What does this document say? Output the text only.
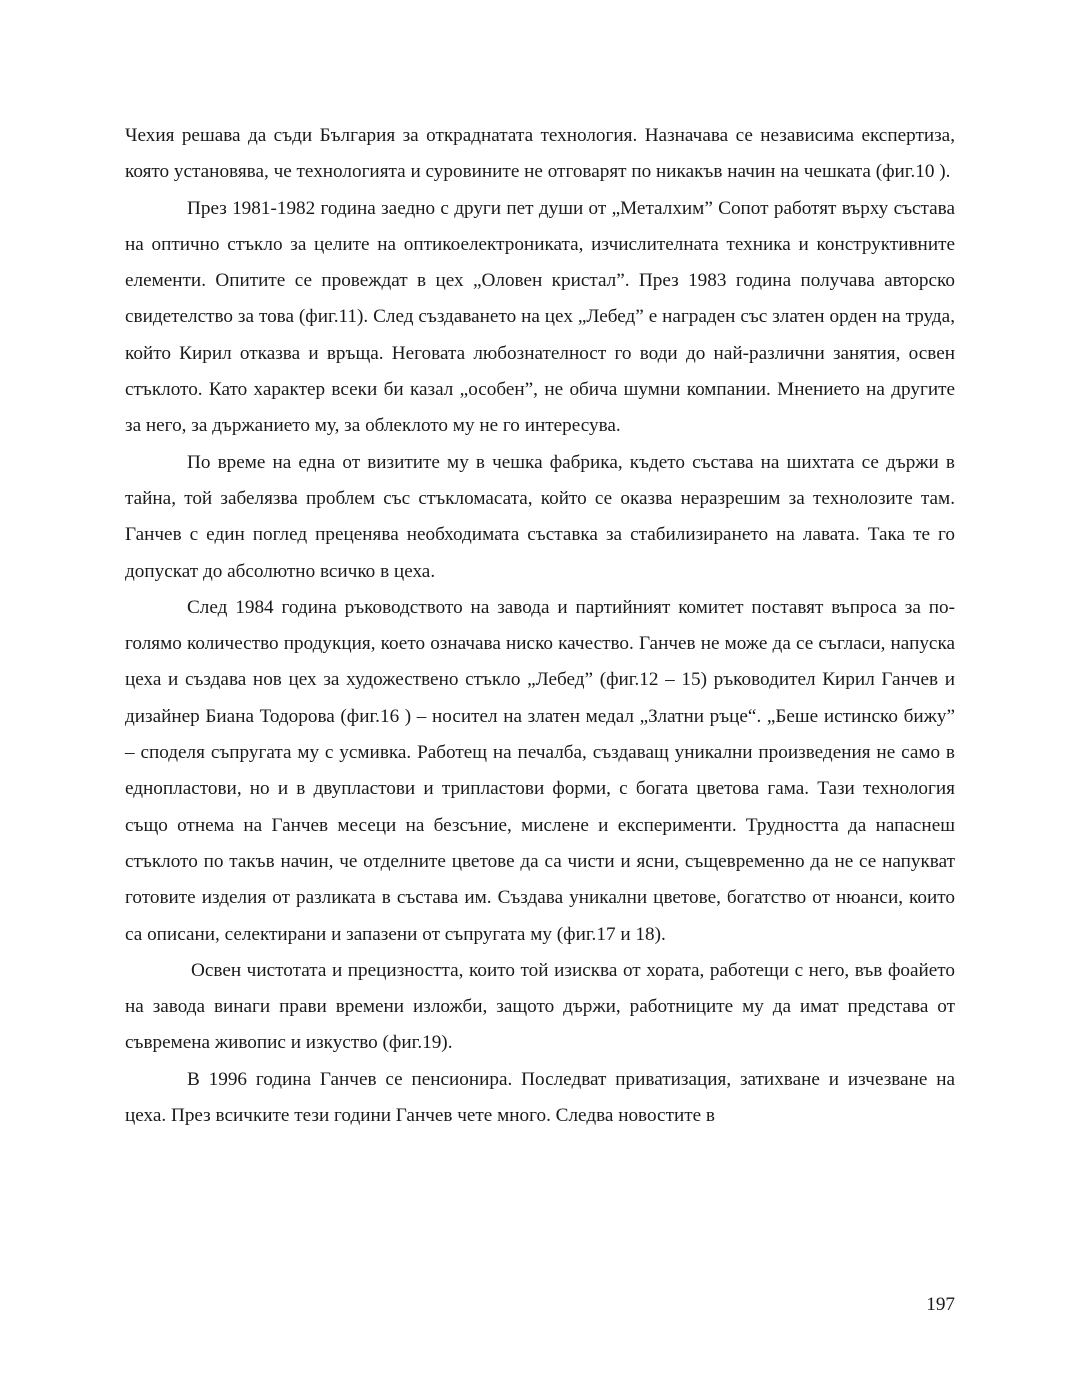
Чехия решава да съди България за откраднатата технология. Назначава се независима експертиза, която установява, че технологията и суровините не отговарят по никакъв начин на чешката (фиг.10 ).

През 1981-1982 година заедно с други пет души от „Металхим” Сопот работят върху състава на оптично стъкло за целите на оптикоелектрониката, изчислителната техника и конструктивните елементи. Опитите се провеждат в цех „Оловен кристал”. През 1983 година получава авторско свидетелство за това (фиг.11). След създаването на цех „Лебед” е награден със златен орден на труда, който Кирил отказва и връща. Неговата любознателност го води до най-различни занятия, освен стъклото. Като характер всеки би казал „особен”, не обича шумни компании. Мнението на другите за него, за държанието му, за облеклото му не го интересува.

По време на една от визитите му в чешка фабрика, където състава на шихтата се държи в тайна, той забелязва проблем със стъкломасата, който се оказва неразрешим за технолозите там. Ганчев с един поглед преценява необходимата съставка за стабилизирането на лавата. Така те го допускат до абсолютно всичко в цеха.

След 1984 година ръководството на завода и партийният комитет поставят въпроса за по-голямо количество продукция, което означава ниско качество. Ганчев не може да се съгласи, напуска цеха и създава нов цех за художествено стъкло „Лебед” (фиг.12 – 15) ръководител Кирил Ганчев и дизайнер Биана Тодорова (фиг.16 ) – носител на златен медал „Златни ръце“. „Беше истинско бижу” – споделя съпругата му с усмивка. Работещ на печалба, създаващ уникални произведения не само в еднопластови, но и в двупластови и трипластови форми, с богата цветова гама. Тази технология също отнема на Ганчев месеци на безсъние, мислене и експерименти. Трудността да напаснеш стъклото по такъв начин, че отделните цветове да са чисти и ясни, същевременно да не се напукват готовите изделия от разликата в състава им. Създава уникални цветове, богатство от нюанси, които са описани, селектирани и запазени от съпругата му (фиг.17 и 18).

Освен чистотата и прецизността, които той изисква от хората, работещи с него, във фоайето на завода винаги прави времени изложби, защото държи, работниците му да имат представа от съвремена живопис и изкуство (фиг.19).

В 1996 година Ганчев се пенсионира. Последват приватизация, затихване и изчезване на цеха. През всичките тези години Ганчев чете много. Следва новостите в

197
